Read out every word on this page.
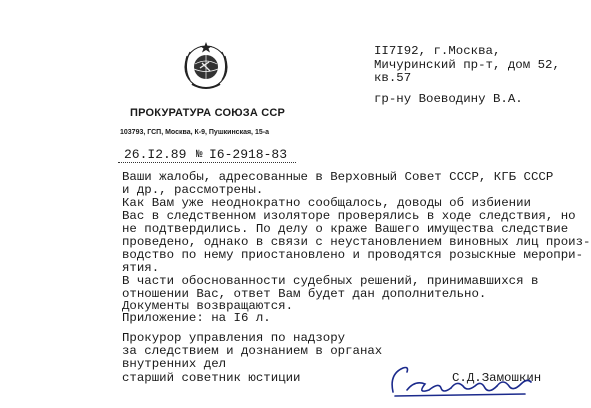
ПРОКУРАТУРА СОЮЗА ССР
103793, ГСП, Москва, К-9, Пушкинская, 15-а
26.I2.89 № I6-2918-83
II7I92, г.Москва,
Мичуринский пр-т, дом 52,
кв.57
гр-ну Воеводину В.А.
Ваши жалобы, адресованные в Верховный Совет СССР, КГБ СССР
и др., рассмотрены.
Как Вам уже неоднократно сообщалось, доводы об избиении
Вас в следственном изоляторе проверялись в ходе следствия, но
не подтвердились. По делу о краже Вашего имущества следствие
проведено, однако в связи с неустановлением виновных лиц произ-
водство по нему приостановлено и проводятся розыскные меропри-
ятия.
В части обоснованности судебных решений, принимавшихся в
отношении Вас, ответ Вам будет дан дополнительно.
Документы возвращаются.
Приложение: на I6 л.
Прокурор управления по надзору
за следствием и дознанием в органах
внутренних дел
старший советник юстиции	С.Д.Замошкин
